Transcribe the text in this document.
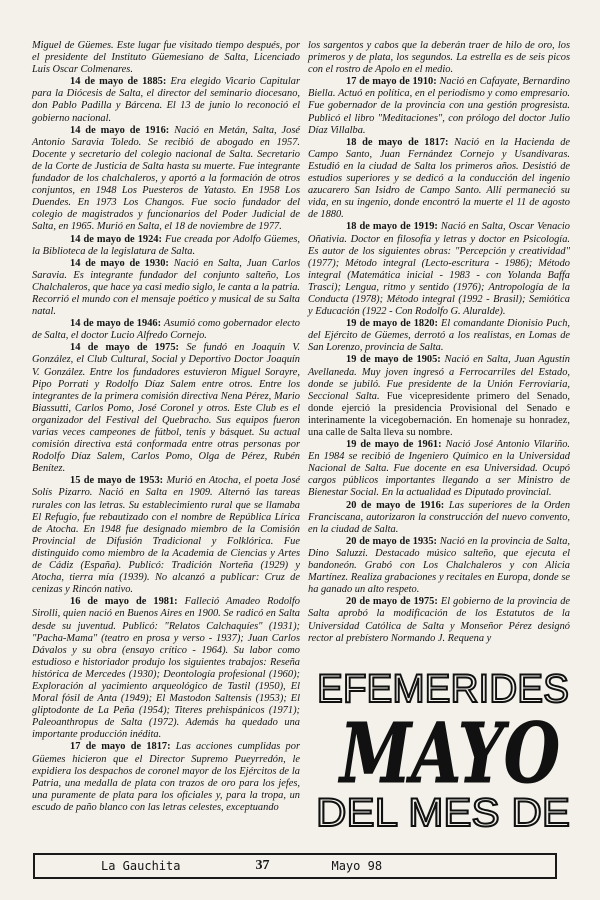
Miguel de Güemes. Este lugar fue visitado tiempo después, por el presidente del Instituto Güemesiano de Salta, Licenciado Luis Oscar Colmenares.

14 de mayo de 1885: Era elegido Vicario Capitular para la Diócesis de Salta, el director del seminario diocesano, don Pablo Padilla y Bárcena. El 13 de junio lo reconoció el gobierno nacional.

14 de mayo de 1916: Nació en Metán, Salta, José Antonio Saravia Toledo. Se recibió de abogado en 1957. Docente y secretario del colegio nacional de Salta. Secretario de la Corte de Justicia de Salta hasta su muerte. Fue integrante fundador de los chalchaleros, y aportó a la formación de otros conjuntos, en 1948 Los Puesteros de Yatasto. En 1958 Los Duendes. En 1973 Los Changos. Fue socio fundador del colegio de magistrados y funcionarios del Poder Judicial de Salta, en 1965. Murió en Salta, el 18 de noviembre de 1977.

14 de mayo de 1924: Fue creada por Adolfo Güemes, la Biblioteca de la legislatura de Salta.

14 de mayo de 1930: Nació en Salta, Juan Carlos Saravia. Es integrante fundador del conjunto salteño, Los Chalchaleros, que hace ya casi medio siglo, le canta a la patria. Recorrió el mundo con el mensaje poético y musical de su Salta natal.

14 de mayo de 1946: Asumió como gobernador electo de Salta, el doctor Lucio Alfredo Cornejo.

14 de mayo de 1975: Se fundó en Joaquín V. González, el Club Cultural, Social y Deportivo Doctor Joaquín V. González. Entre los fundadores estuvieron Miguel Sorayre, Pipo Porrati y Rodolfo Díaz Salem entre otros. Entre los integrantes de la primera comisión directiva Nena Pérez, Mario Biassutti, Carlos Pomo, José Coronel y otros. Este Club es el organizador del Festival del Quebracho. Sus equipos fueron varias veces campeones de fútbol, tenis y básquet. Su actual comisión directiva está conformada entre otras personas por Rodolfo Díaz Salem, Carlos Pomo, Olga de Pérez, Rubén Benítez.

15 de mayo de 1953: Murió en Atocha, el poeta José Solís Pizarro. Nació en Salta en 1909. Alternó las tareas rurales con las letras. Su establecimiento rural que se llamaba El Refugio, fue rebautizado con el nombre de República Lírica de Atocha. En 1948 fue designado miembro de la Comisión Provincial de Difusión Tradicional y Folklórica. Fue distinguido como miembro de la Academia de Ciencias y Artes de Cádiz (España). Publicó: Tradición Norteña (1929) y Atocha, tierra mía (1939). No alcanzó a publicar: Cruz de cenizas y Rincón nativo.

16 de mayo de 1981: Falleció Amadeo Rodolfo Sirolli, quien nació en Buenos Aires en 1900. Se radicó en Salta desde su juventud. Publicó: "Relatos Calchaquíes" (1931); "Pacha-Mama" (teatro en prosa y verso - 1937); Juan Carlos Dávalos y su obra (ensayo crítico - 1964). Su labor como estudioso e historiador produjo los siguientes trabajos: Reseña histórica de Mercedes (1930); Deontología profesional (1960); Exploración al yacimiento arqueológico de Tastil (1950), El Moral fósil de Anta (1949); El Mastodon Saltensis (1953); El gliptodonte de La Peña (1954); Titeres prehispánicos (1971); Paleoanthropus de Salta (1972). Además ha quedado una importante producción inédita.

17 de mayo de 1817: Las acciones cumplidas por Güemes hicieron que el Director Supremo Pueyrredón, le expidiera los despachos de coronel mayor de los Ejércitos de la Patria, una medalla de plata con trazos de oro para los jefes, una puramente de plata para los oficiales y, para la tropa, un escudo de paño blanco con las letras celestes, exceptuando

los sargentos y cabos que la deberán traer de hilo de oro, los primeros y de plata, los segundos. La estrella es de seis picos con el rostro de Apolo en el medio.

17 de mayo de 1910: Nació en Cafayate, Bernardino Biella. Actuó en política, en el periodismo y como empresario. Fue gobernador de la provincia con una gestión progresista. Publicó el libro "Meditaciones", con prólogo del doctor Julio Díaz Villalba.

18 de mayo de 1817: Nació en la Hacienda de Campo Santo, Juan Fernández Cornejo y Usandivaras. Estudió en la ciudad de Salta los primeros años. Desistió de estudios superiores y se dedicó a la conducción del ingenio azucarero San Isidro de Campo Santo. Allí permaneció su vida, en su ingenio, donde encontró la muerte el 11 de agosto de 1880.

18 de mayo de 1919: Nació en Salta, Oscar Venacio Oñativia. Doctor en filosofía y letras y doctor en Psicología. Es autor de los siguientes obras: "Percepción y creatividad" (1977); Método integral (Lecto-escritura - 1986); Método integral (Matemática inicial - 1983 - con Yolanda Baffa Trasci); Lengua, ritmo y sentido (1976); Antropología de la Conducta (1978); Método integral (1992 - Brasil); Semiótica y Educación (1922 - Con Rodolfo G. Aluralde).

19 de mayo de 1820: El comandante Dionisio Puch, del Ejército de Güemes, derrotó a los realistas, en Lomas de San Lorenzo, provincia de Salta.

19 de mayo de 1905: Nació en Salta, Juan Agustín Avellaneda. Muy joven ingresó a Ferrocarriles del Estado, donde se jubiló. Fue presidente de la Unión Ferroviaria, Seccional Salta. Fue vicepresidente primero del Senado, donde ejerció la presidencia Provisional del Senado e interinamente la vicegobernación. En homenaje su honradez, una calle de Salta lleva su nombre.

19 de mayo de 1961: Nació José Antonio Vilariño. En 1984 se recibió de Ingeniero Químico en la Universidad Nacional de Salta. Fue docente en esa Universidad. Ocupó cargos públicos importantes llegando a ser Ministro de Bienestar Social. En la actualidad es Diputado provincial.

20 de mayo de 1916: Las superiores de la Orden Franciscana, autorizaron la construcción del nuevo convento, en la ciudad de Salta.

20 de mayo de 1935: Nació en la provincia de Salta, Dino Saluzzi. Destacado músico salteño, que ejecuta el bandoneón. Grabó con Los Chalchaleros y con Alicia Martínez. Realiza grabaciones y recitales en Europa, donde se ha ganado un alto respeto.

20 de mayo de 1975: El gobierno de la provincia de Salta aprobó la modificación de los Estatutos de la Universidad Católica de Salta y Monseñor Pérez designó rector al prebístero Normando J. Requena y

EFEMERIDES
MAYO
DEL MES DE
La Gauchita	37	Mayo 98
